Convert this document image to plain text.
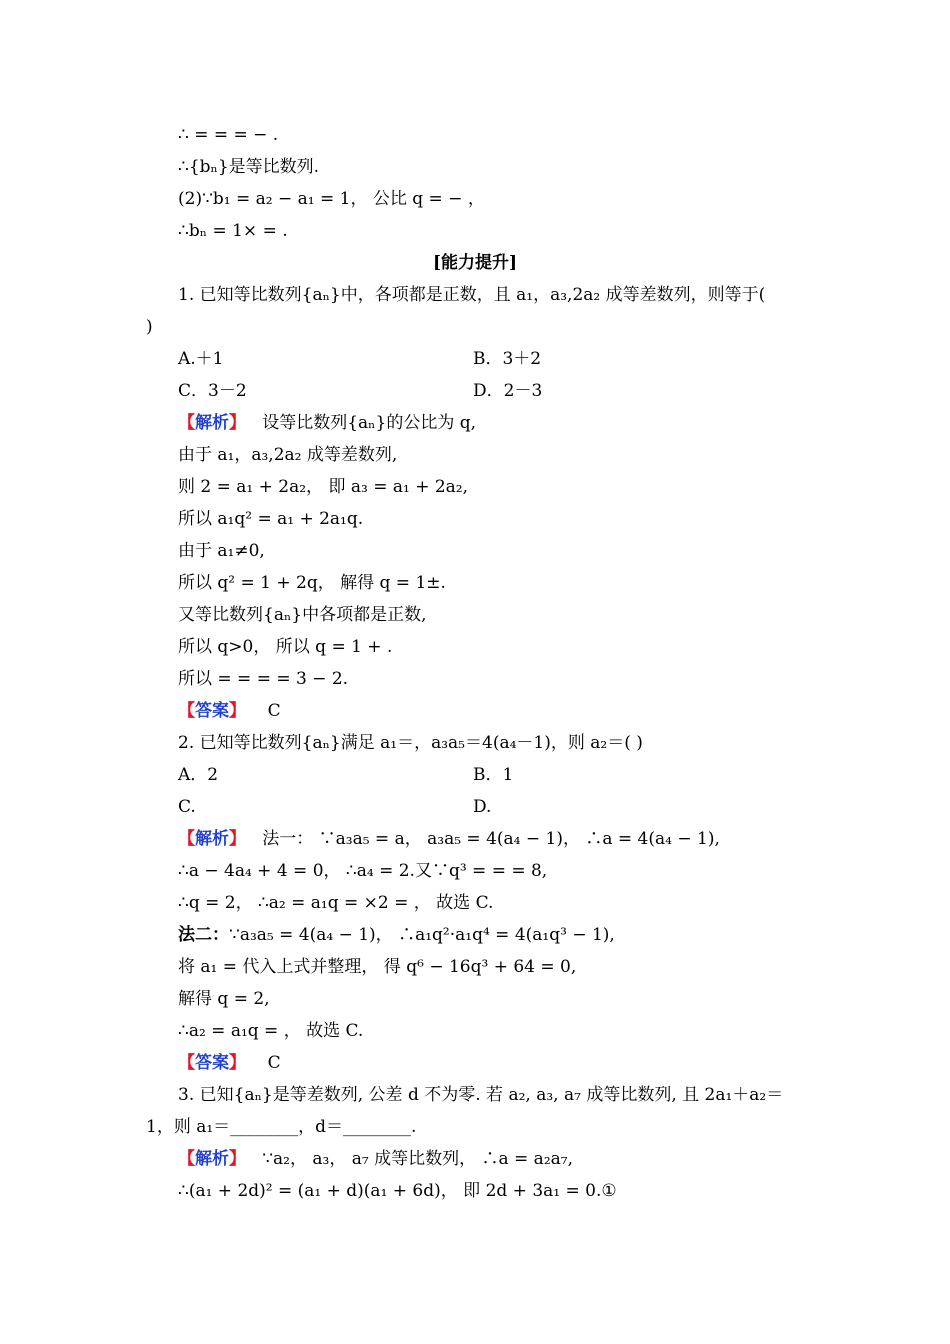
∴ = = = − .
∴{bₙ}是等比数列.
(2)∵b₁ = a₂ − a₁ = 1， 公比 q = − ，
∴bₙ = 1× = .
[能力提升]
1. 已知等比数列{aₙ}中，各项都是正数，且 a₁，a₃,2a₂ 成等差数列，则等于(
)
A.＋1	B．3＋2
C．3－2	D．2－3
【解析】 设等比数列{aₙ}的公比为 q,
由于 a₁，a₃,2a₂ 成等差数列,
则 2 = a₁ + 2a₂， 即 a₃ = a₁ + 2a₂,
所以 a₁q² = a₁ + 2a₁q.
由于 a₁≠0,
所以 q² = 1 + 2q， 解得 q = 1±.
又等比数列{aₙ}中各项都是正数,
所以 q>0， 所以 q = 1 + .
所以 = = = = 3 − 2.
【答案】 C
2. 已知等比数列{aₙ}满足 a₁＝，a₃a₅＝4(a₄－1)，则 a₂＝( )
A．2	B．1
C.	D.
【解析】 法一： ∵a₃a₅ = a， a₃a₅ = 4(a₄ − 1)， ∴a = 4(a₄ − 1),
∴a − 4a₄ + 4 = 0， ∴a₄ = 2.又∵q³ = = = 8,
∴q = 2， ∴a₂ = a₁q = ×2 = ， 故选 C.
法二：∵a₃a₅ = 4(a₄ − 1)， ∴a₁q²·a₁q⁴ = 4(a₁q³ − 1),
将 a₁ = 代入上式并整理， 得 q⁶ − 16q³ + 64 = 0,
解得 q = 2,
∴a₂ = a₁q = ， 故选 C.
【答案】 C
3. 已知{aₙ}是等差数列, 公差 d 不为零. 若 a₂, a₃, a₇ 成等比数列, 且 2a₁＋a₂＝
1，则 a₁＝________，d＝________.
【解析】 ∵a₂， a₃， a₇ 成等比数列， ∴a = a₂a₇,
∴(a₁ + 2d)² = (a₁ + d)(a₁ + 6d)， 即 2d + 3a₁ = 0.①
